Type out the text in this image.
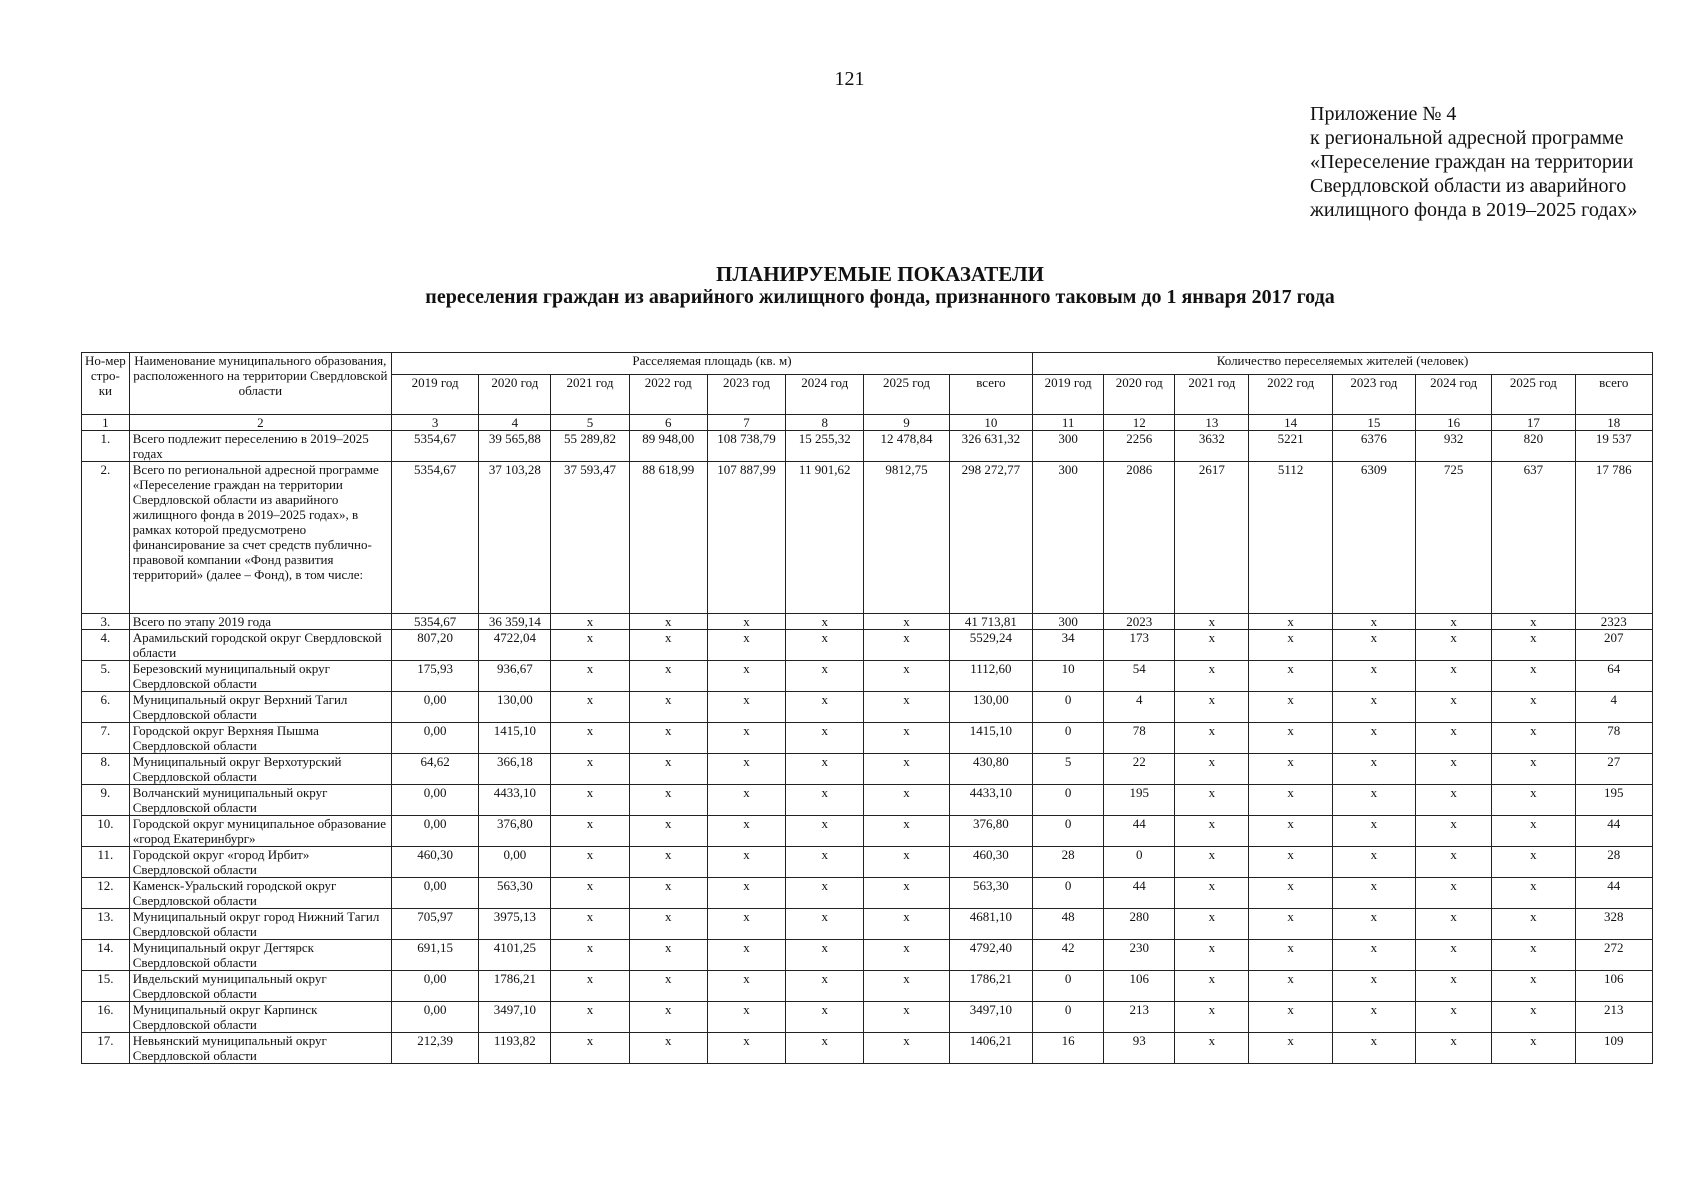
121
Приложение № 4
к региональной адресной программе
«Переселение граждан на территории
Свердловской области из аварийного
жилищного фонда в 2019–2025 годах»
ПЛАНИРУЕМЫЕ ПОКАЗАТЕЛИ
переселения граждан из аварийного жилищного фонда, признанного таковым до 1 января 2017 года
Но-мер стро-ки	Наименование муниципального образования, расположенного на территории Свердловской области	Расселяемая площадь (кв. м)								Количество переселяемых жителей (человек)							
		2019 год	2020 год	2021 год	2022 год	2023 год	2024 год	2025 год	всего	2019 год	2020 год	2021 год	2022 год	2023 год	2024 год	2025 год	всего
1	2	3	4	5	6	7	8	9	10	11	12	13	14	15	16	17	18
1.	Всего подлежит переселению в 2019–2025 годах	5354,67	39 565,88	55 289,82	89 948,00	108 738,79	15 255,32	12 478,84	326 631,32	300	2256	3632	5221	6376	932	820	19 537
2.	Всего по региональной адресной программе «Переселение граждан на территории Свердловской области из аварийного жилищного фонда в 2019–2025 годах», в рамках которой предусмотрено финансирование за счет средств публично-правовой компании «Фонд развития территорий» (далее – Фонд), в том числе:	5354,67	37 103,28	37 593,47	88 618,99	107 887,99	11 901,62	9812,75	298 272,77	300	2086	2617	5112	6309	725	637	17 786
3.	Всего по этапу 2019 года	5354,67	36 359,14	x	x	x	x	x	41 713,81	300	2023	x	x	x	x	x	2323
4.	Арамильский городской округ Свердловской области	807,20	4722,04	x	x	x	x	x	5529,24	34	173	x	x	x	x	x	207
5.	Березовский муниципальный округ Свердловской области	175,93	936,67	x	x	x	x	x	1112,60	10	54	x	x	x	x	x	64
6.	Муниципальный округ Верхний Тагил Свердловской области	0,00	130,00	x	x	x	x	x	130,00	0	4	x	x	x	x	x	4
7.	Городской округ Верхняя Пышма Свердловской области	0,00	1415,10	x	x	x	x	x	1415,10	0	78	x	x	x	x	x	78
8.	Муниципальный округ Верхотурский Свердловской области	64,62	366,18	x	x	x	x	x	430,80	5	22	x	x	x	x	x	27
9.	Волчанский муниципальный округ Свердловской области	0,00	4433,10	x	x	x	x	x	4433,10	0	195	x	x	x	x	x	195
10.	Городской округ муниципальное образование «город Екатеринбург»	0,00	376,80	x	x	x	x	x	376,80	0	44	x	x	x	x	x	44
11.	Городской округ «город Ирбит» Свердловской области	460,30	0,00	x	x	x	x	x	460,30	28	0	x	x	x	x	x	28
12.	Каменск-Уральский городской округ Свердловской области	0,00	563,30	x	x	x	x	x	563,30	0	44	x	x	x	x	x	44
13.	Муниципальный округ город Нижний Тагил Свердловской области	705,97	3975,13	x	x	x	x	x	4681,10	48	280	x	x	x	x	x	328
14.	Муниципальный округ Дегтярск Свердловской области	691,15	4101,25	x	x	x	x	x	4792,40	42	230	x	x	x	x	x	272
15.	Ивдельский муниципальный округ Свердловской области	0,00	1786,21	x	x	x	x	x	1786,21	0	106	x	x	x	x	x	106
16.	Муниципальный округ Карпинск Свердловской области	0,00	3497,10	x	x	x	x	x	3497,10	0	213	x	x	x	x	x	213
17.	Невьянский муниципальный округ Свердловской области	212,39	1193,82	x	x	x	x	x	1406,21	16	93	x	x	x	x	x	109
